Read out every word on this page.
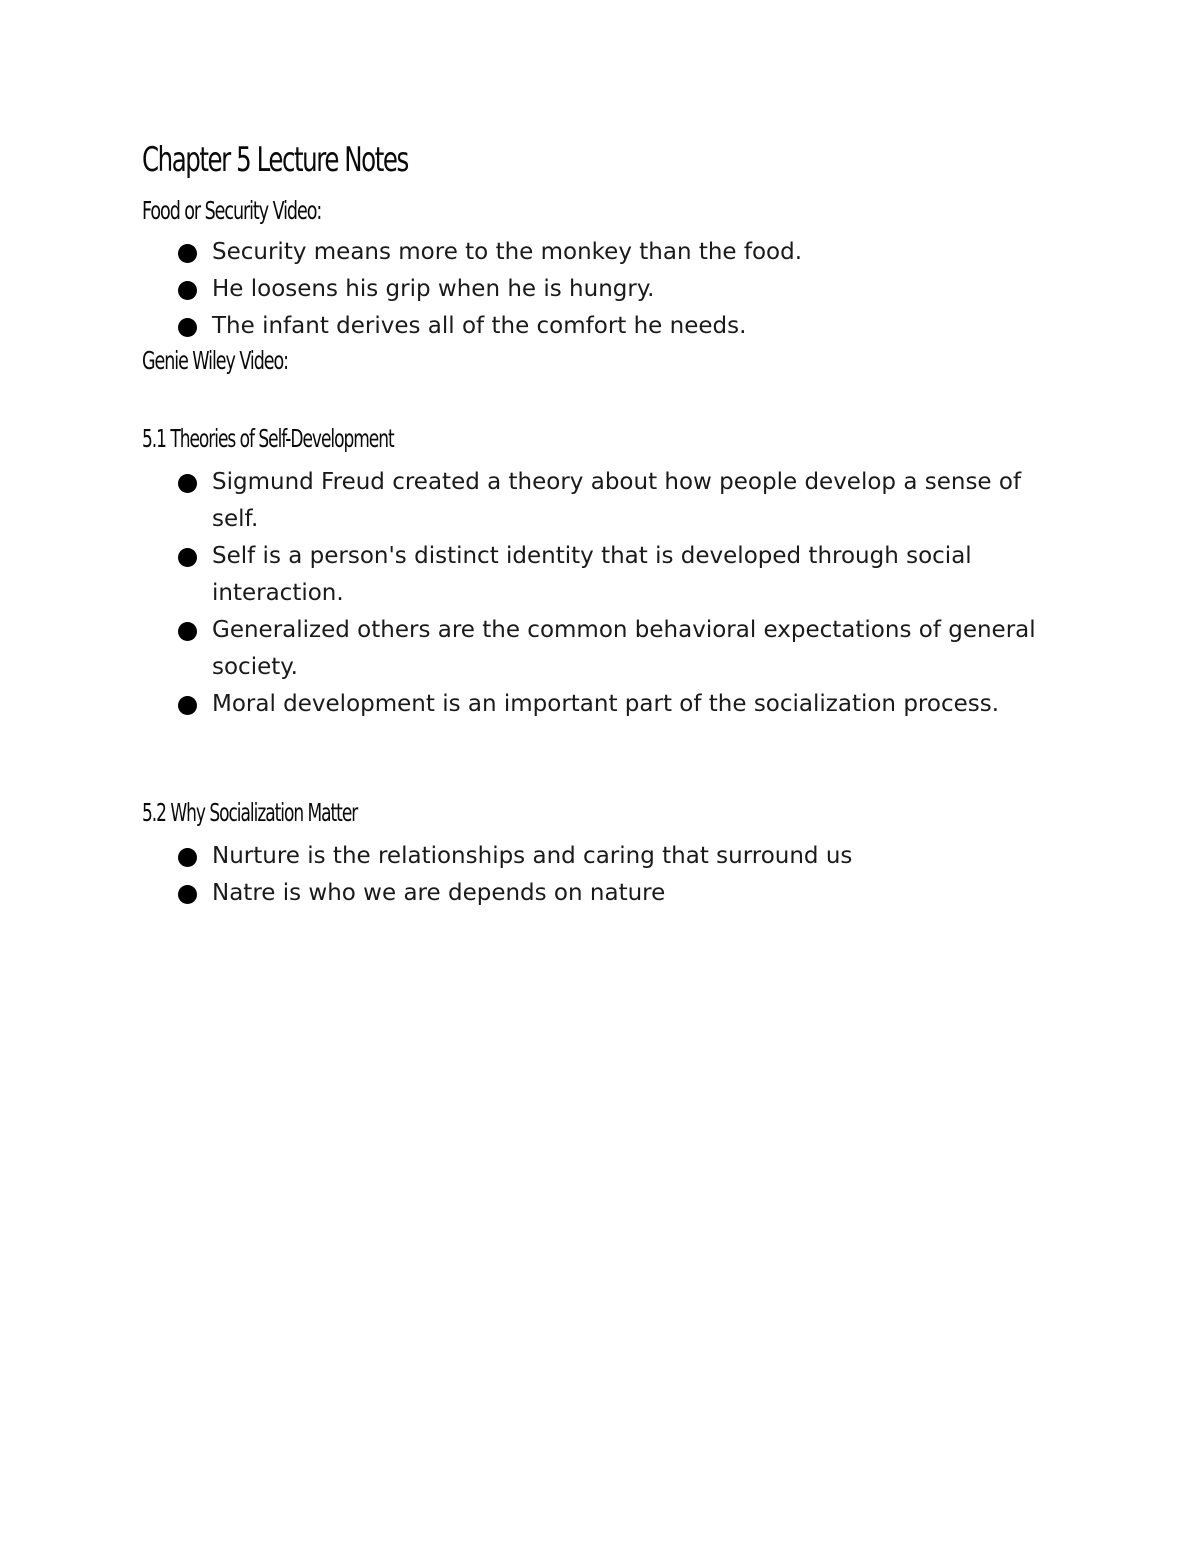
Chapter 5 Lecture Notes
Food or Security Video:
Security means more to the monkey than the food.
He loosens his grip when he is hungry.
The infant derives all of the comfort he needs.
Genie Wiley Video:
5.1 Theories of Self-Development
Sigmund Freud created a theory about how people develop a sense of self.
Self is a person's distinct identity that is developed through social interaction.
Generalized others are the common behavioral expectations of general society.
Moral development is an important part of the socialization process.
5.2 Why Socialization Matter
Nurture is the relationships and caring that surround us
Natre is who we are depends on nature
